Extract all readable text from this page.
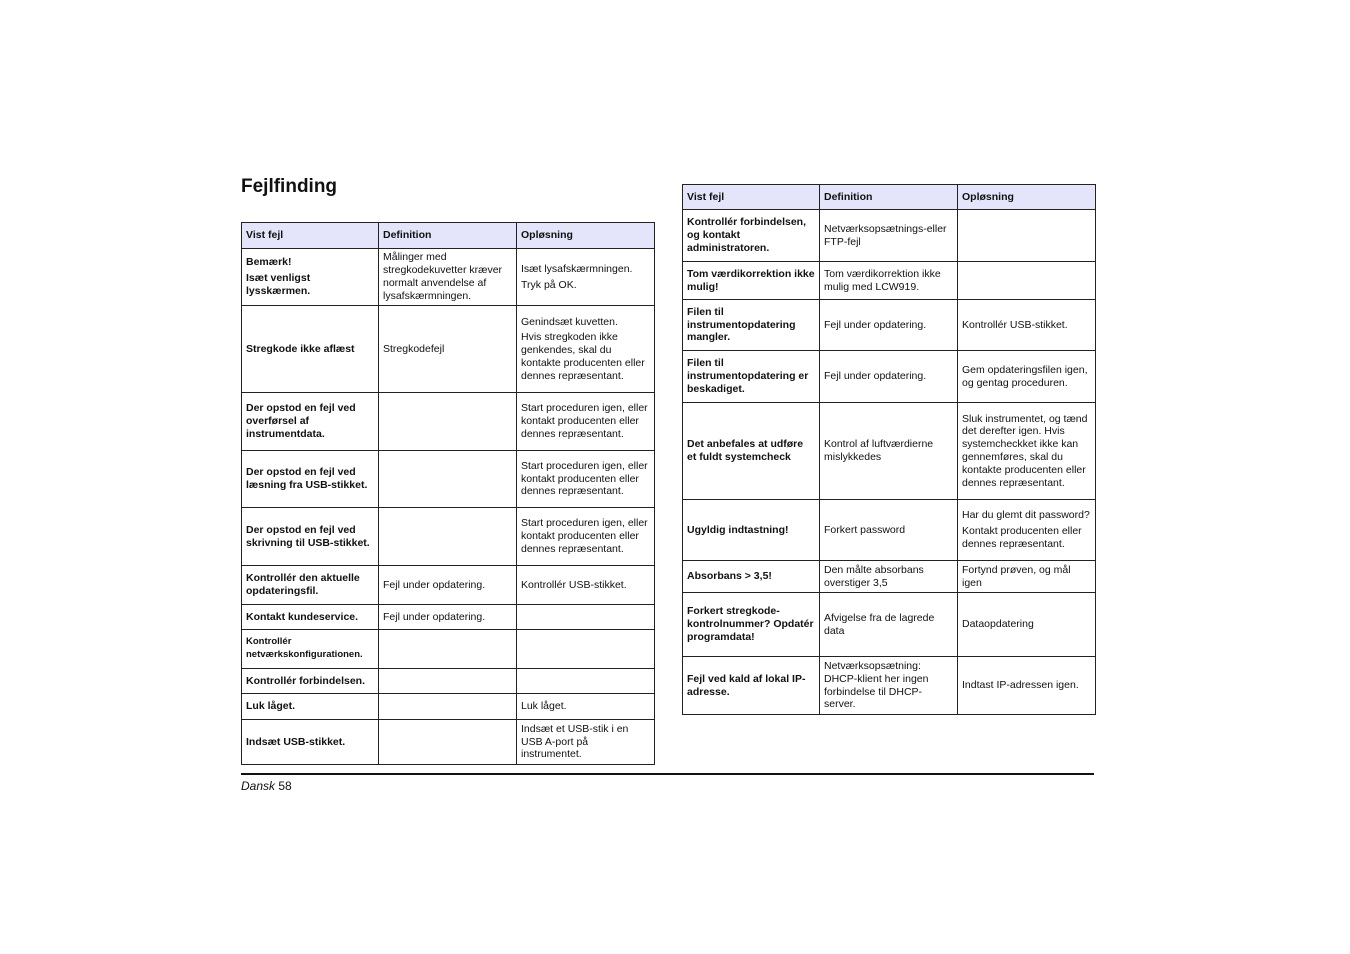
Fejlfinding
Vist fejl	Definition	Opløsning

Bemærk!
Isæt venligst lysskærmen.	Målinger med stregkodekuvetter kræver normalt anvendelse af lysafskærmningen.	Isæt lysafskærmningen.
Tryk på OK.

Stregkode ikke aflæst	Stregkodefejl	Genindsæt kuvetten.
Hvis stregkoden ikke genkendes, skal du kontakte producenten eller dennes repræsentant.

Der opstod en fejl ved overførsel af instrumentdata.		Start proceduren igen, eller kontakt producenten eller dennes repræsentant.

Der opstod en fejl ved læsning fra USB-stikket.		Start proceduren igen, eller kontakt producenten eller dennes repræsentant.

Der opstod en fejl ved skrivning til USB-stikket.		Start proceduren igen, eller kontakt producenten eller dennes repræsentant.

Kontrollér den aktuelle opdateringsfil.	Fejl under opdatering.	Kontrollér USB-stikket.

Kontakt kundeservice.	Fejl under opdatering.	

Kontrollér netværkskonfigurationen.		

Kontrollér forbindelsen.		

Luk låget.		Luk låget.

Indsæt USB-stikket.		Indsæt et USB-stik i en USB A-port på instrumentet.
Vist fejl	Definition	Opløsning

Kontrollér forbindelsen, og kontakt administratoren.	Netværksopsætnings-eller FTP-fejl	

Tom værdikorrektion ikke mulig!	Tom værdikorrektion ikke mulig med LCW919.	

Filen til instrumentopdatering mangler.	Fejl under opdatering.	Kontrollér USB-stikket.

Filen til instrumentopdatering er beskadiget.	Fejl under opdatering.	Gem opdateringsfilen igen, og gentag proceduren.

Det anbefales at udføre et fuldt systemcheck	Kontrol af luftværdierne mislykkedes	Sluk instrumentet, og tænd det derefter igen. Hvis systemcheckket ikke kan gennemføres, skal du kontakte producenten eller dennes repræsentant.

Ugyldig indtastning!	Forkert password	Har du glemt dit password?
Kontakt producenten eller dennes repræsentant.

Absorbans > 3,5!	Den målte absorbans overstiger 3,5	Fortynd prøven, og mål igen

Forkert stregkode-kontrolnummer? Opdatér programdata!	Afvigelse fra de lagrede data	Dataopdatering

Fejl ved kald af lokal IP-adresse.	Netværksopsætning: DHCP-klient her ingen forbindelse til DHCP-server.	Indtast IP-adressen igen.
Dansk 58
